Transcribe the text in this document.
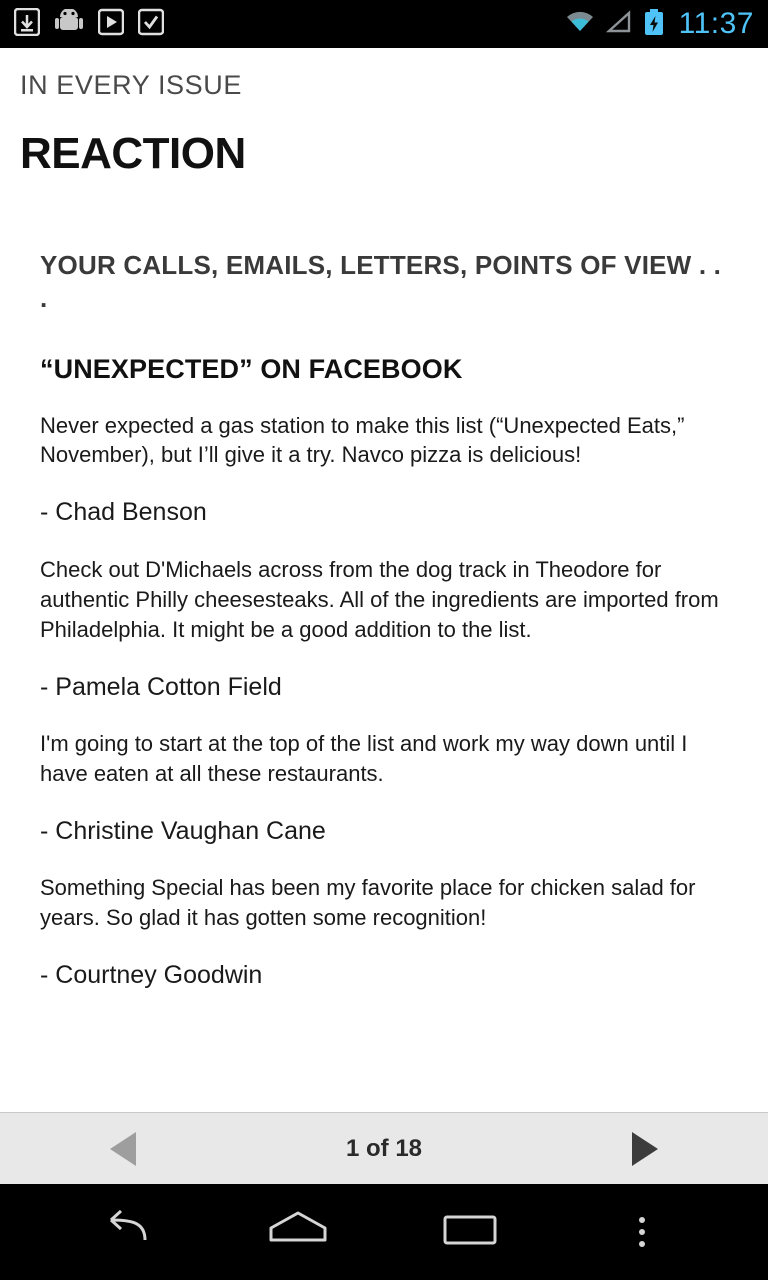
11:37
IN EVERY ISSUE
REACTION
YOUR CALLS, EMAILS, LETTERS, POINTS OF VIEW . . .
“UNEXPECTED” ON FACEBOOK
Never expected a gas station to make this list (“Unexpected Eats,” November), but I’ll give it a try. Navco pizza is delicious!
- Chad Benson
Check out D'Michaels across from the dog track in Theodore for authentic Philly cheesesteaks. All of the ingredients are imported from Philadelphia. It might be a good addition to the list.
- Pamela Cotton Field
I'm going to start at the top of the list and work my way down until I have eaten at all these restaurants.
- Christine Vaughan Cane
Something Special has been my favorite place for chicken salad for years. So glad it has gotten some recognition!
- Courtney Goodwin
1 of 18
